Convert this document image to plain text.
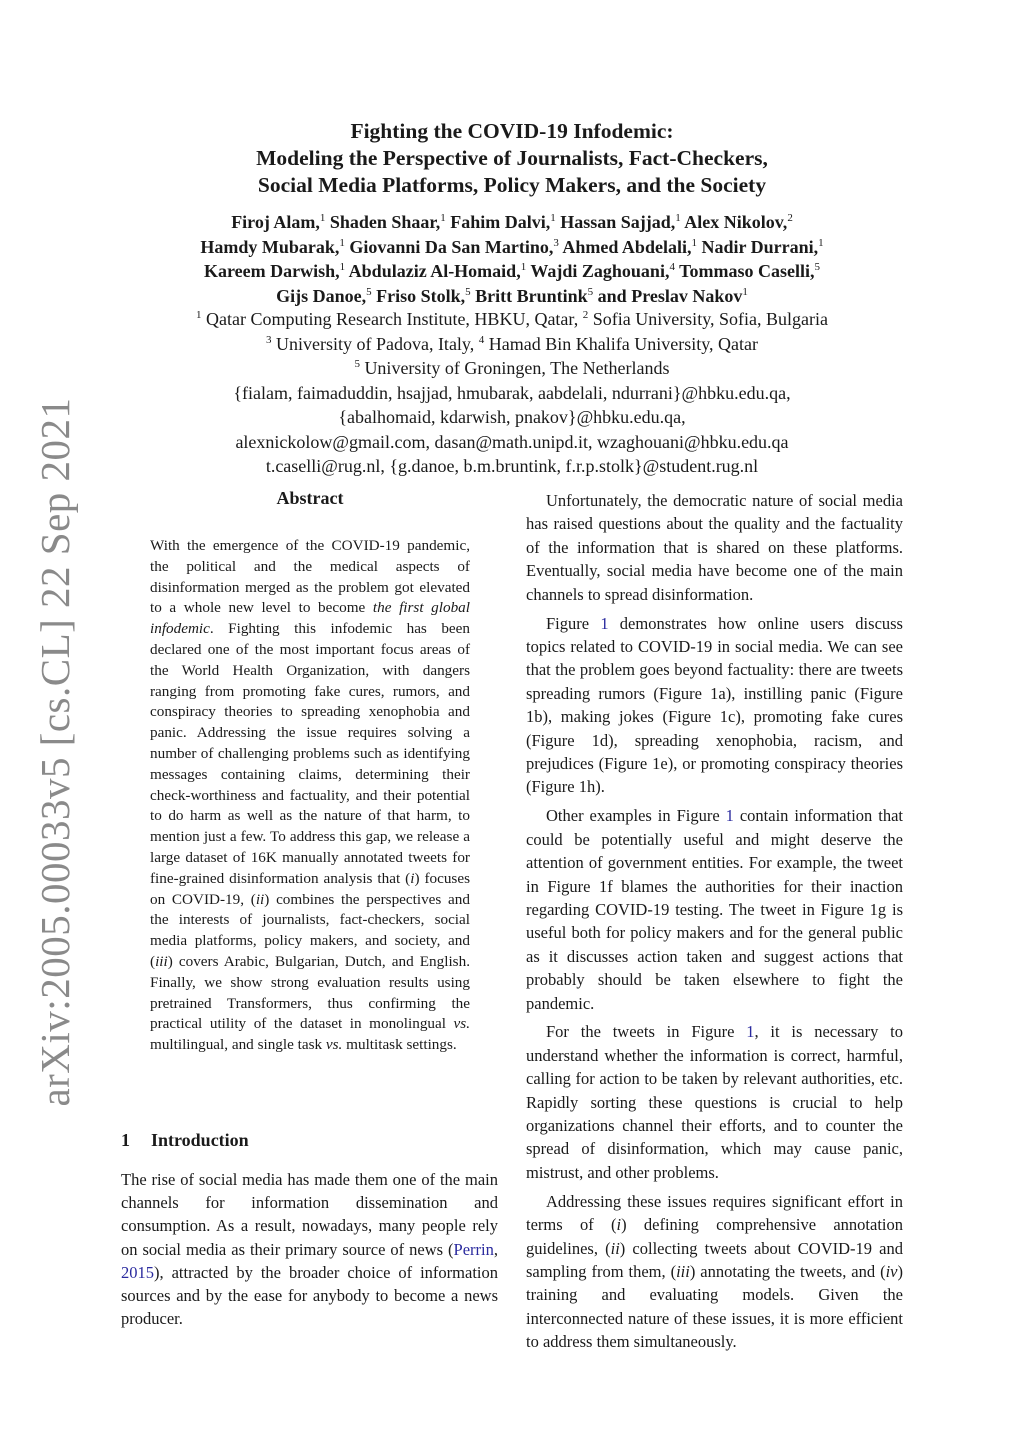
Fighting the COVID-19 Infodemic:
Modeling the Perspective of Journalists, Fact-Checkers,
Social Media Platforms, Policy Makers, and the Society
Firoj Alam,$^1$ Shaden Shaar,$^1$ Fahim Dalvi,$^1$ Hassan Sajjad,$^1$ Alex Nikolov,$^2$
Hamdy Mubarak,$^1$ Giovanni Da San Martino,$^3$ Ahmed Abdelali,$^1$ Nadir Durrani,$^1$
Kareem Darwish,$^1$ Abdulaziz Al-Homaid,$^1$ Wajdi Zaghouani,$^4$ Tommaso Caselli,$^5$
Gijs Danoe,$^5$ Friso Stolk,$^5$ Britt Bruntink$^5$ and Preslav Nakov$^1$
$^1$ Qatar Computing Research Institute, HBKU, Qatar, $^2$ Sofia University, Sofia, Bulgaria
$^3$ University of Padova, Italy, $^4$ Hamad Bin Khalifa University, Qatar
$^5$ University of Groningen, The Netherlands
{fialam, faimaduddin, hsajjad, hmubarak, aabdelali, ndurrani}@hbku.edu.qa,
{abalhomaid, kdarwish, pnakov}@hbku.edu.qa,
alexnickolow@gmail.com, dasan@math.unipd.it, wzaghouani@hbku.edu.qa
t.caselli@rug.nl, {g.danoe, b.m.bruntink, f.r.p.stolk}@student.rug.nl
arXiv:2005.00033v5 [cs.CL] 22 Sep 2021	Abstract
With the emergence of the COVID-19 pandemic, the political and the medical aspects of disinformation merged as the problem got elevated to a whole new level to become the first global infodemic. Fighting this infodemic has been declared one of the most important focus areas of the World Health Organization, with dangers ranging from promoting fake cures, rumors, and conspiracy theories to spreading xenophobia and panic. Addressing the issue requires solving a number of challenging problems such as identifying messages containing claims, determining their check-worthiness and factuality, and their potential to do harm as well as the nature of that harm, to mention just a few. To address this gap, we release a large dataset of 16K manually annotated tweets for fine-grained disinformation analysis that (i) focuses on COVID-19, (ii) combines the perspectives and the interests of journalists, fact-checkers, social media platforms, policy makers, and society, and (iii) covers Arabic, Bulgarian, Dutch, and English. Finally, we show strong evaluation results using pretrained Transformers, thus confirming the practical utility of the dataset in monolingual vs. multilingual, and single task vs. multitask settings.
1 Introduction
The rise of social media has made them one of the main channels for information dissemination and consumption. As a result, nowadays, many people rely on social media as their primary source of news (Perrin, 2015), attracted by the broader choice of information sources and by the ease for anybody to become a news producer.

Unfortunately, the democratic nature of social media has raised questions about the quality and the factuality of the information that is shared on these platforms. Eventually, social media have become one of the main channels to spread disinformation.

Figure 1 demonstrates how online users discuss topics related to COVID-19 in social media. We can see that the problem goes beyond factuality: there are tweets spreading rumors (Figure 1a), instilling panic (Figure 1b), making jokes (Figure 1c), promoting fake cures (Figure 1d), spreading xenophobia, racism, and prejudices (Figure 1e), or promoting conspiracy theories (Figure 1h).

Other examples in Figure 1 contain information that could be potentially useful and might deserve the attention of government entities. For example, the tweet in Figure 1f blames the authorities for their inaction regarding COVID-19 testing. The tweet in Figure 1g is useful both for policy makers and for the general public as it discusses action taken and suggest actions that probably should be taken elsewhere to fight the pandemic.

For the tweets in Figure 1, it is necessary to understand whether the information is correct, harmful, calling for action to be taken by relevant authorities, etc. Rapidly sorting these questions is crucial to help organizations channel their efforts, and to counter the spread of disinformation, which may cause panic, mistrust, and other problems.

Addressing these issues requires significant effort in terms of (i) defining comprehensive annotation guidelines, (ii) collecting tweets about COVID-19 and sampling from them, (iii) annotating the tweets, and (iv) training and evaluating models. Given the interconnected nature of these issues, it is more efficient to address them simultaneously.
